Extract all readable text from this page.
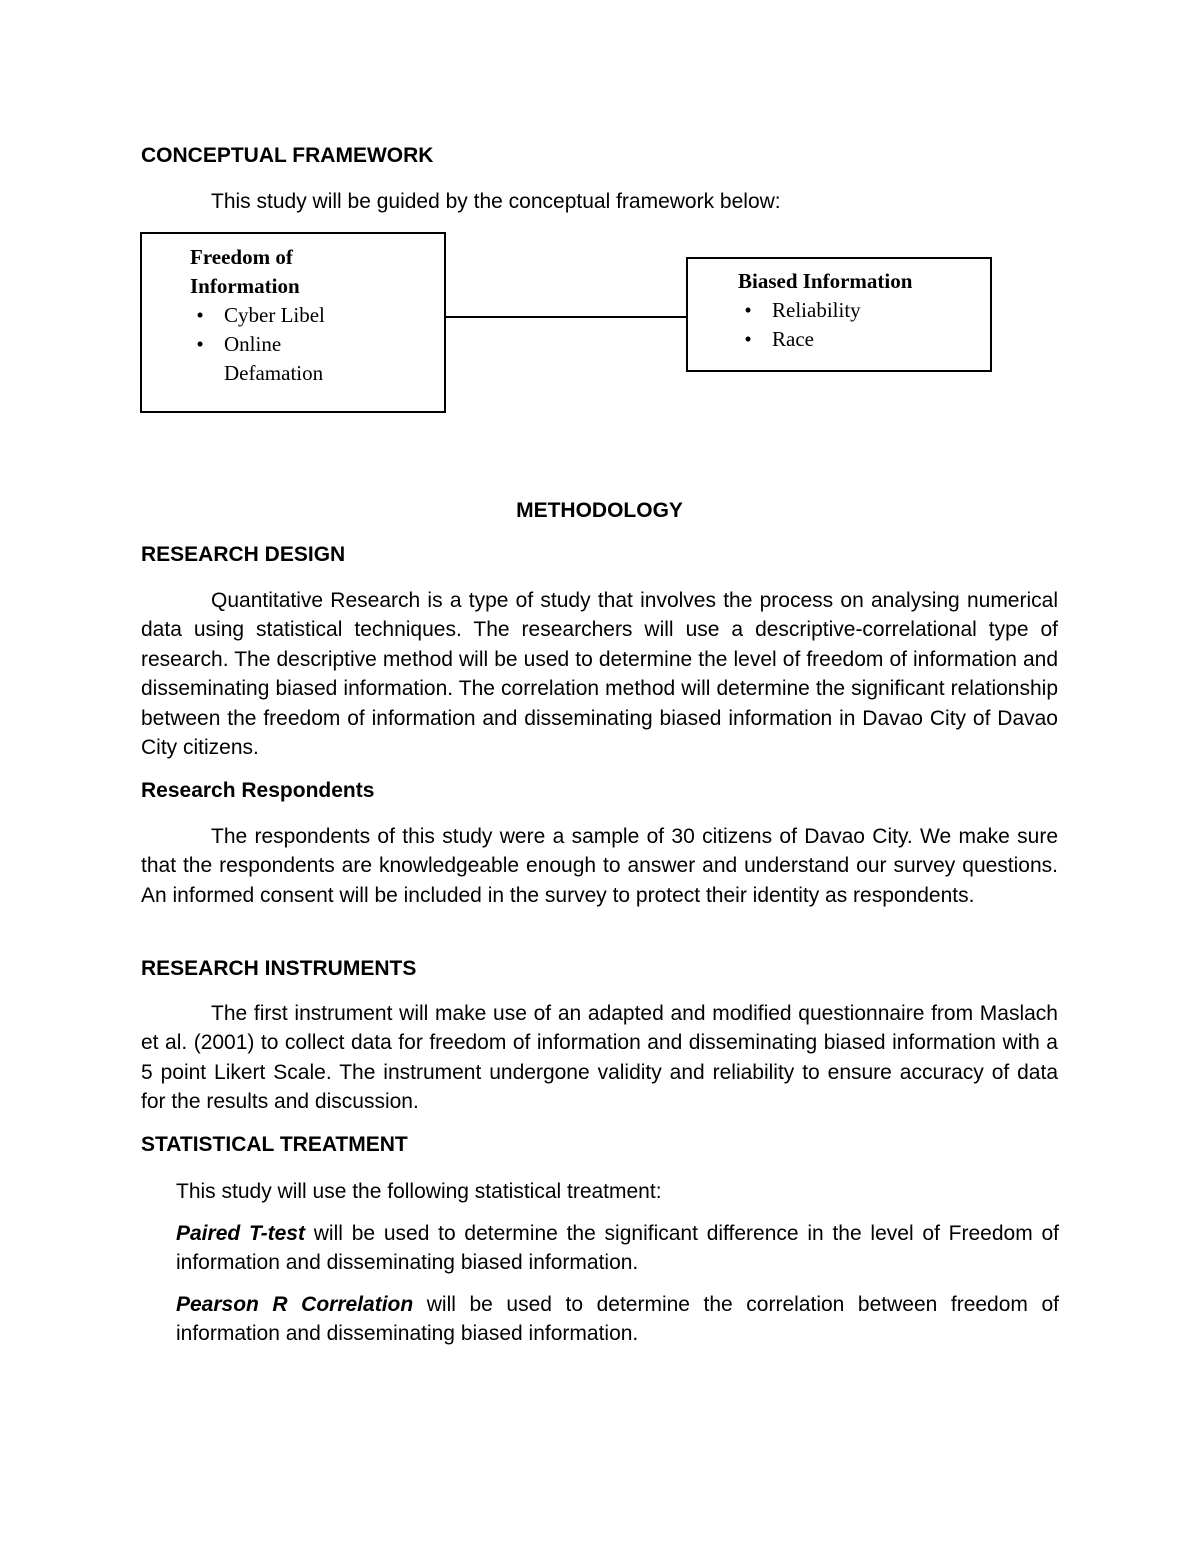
CONCEPTUAL FRAMEWORK

This study will be guided by the conceptual framework below:

Freedom of
Information

• Cyber Libel
• Online
Defamation

Biased Information

• Reliability
• Race
METHODOLOGY
RESEARCH DESIGN

Quantitative Research is a type of study that involves the process on analysing numerical data using statistical techniques. The researchers will use a descriptive-correlational type of research. The descriptive method will be used to determine the level of freedom of information and disseminating biased information. The correlation method will determine the significant relationship between the freedom of information and disseminating biased information in Davao City of Davao City citizens.

Research Respondents

The respondents of this study were a sample of 30 citizens of Davao City. We make sure that the respondents are knowledgeable enough to answer and understand our survey questions. An informed consent will be included in the survey to protect their identity as respondents.

RESEARCH INSTRUMENTS

The first instrument will make use of an adapted and modified questionnaire from Maslach et al. (2001) to collect data for freedom of information and disseminating biased information with a 5 point Likert Scale. The instrument undergone validity and reliability to ensure accuracy of data for the results and discussion.

STATISTICAL TREATMENT

This study will use the following statistical treatment:

Paired T-test will be used to determine the significant difference in the level of Freedom of information and disseminating biased information.

Pearson R Correlation will be used to determine the correlation between freedom of information and disseminating biased information.
